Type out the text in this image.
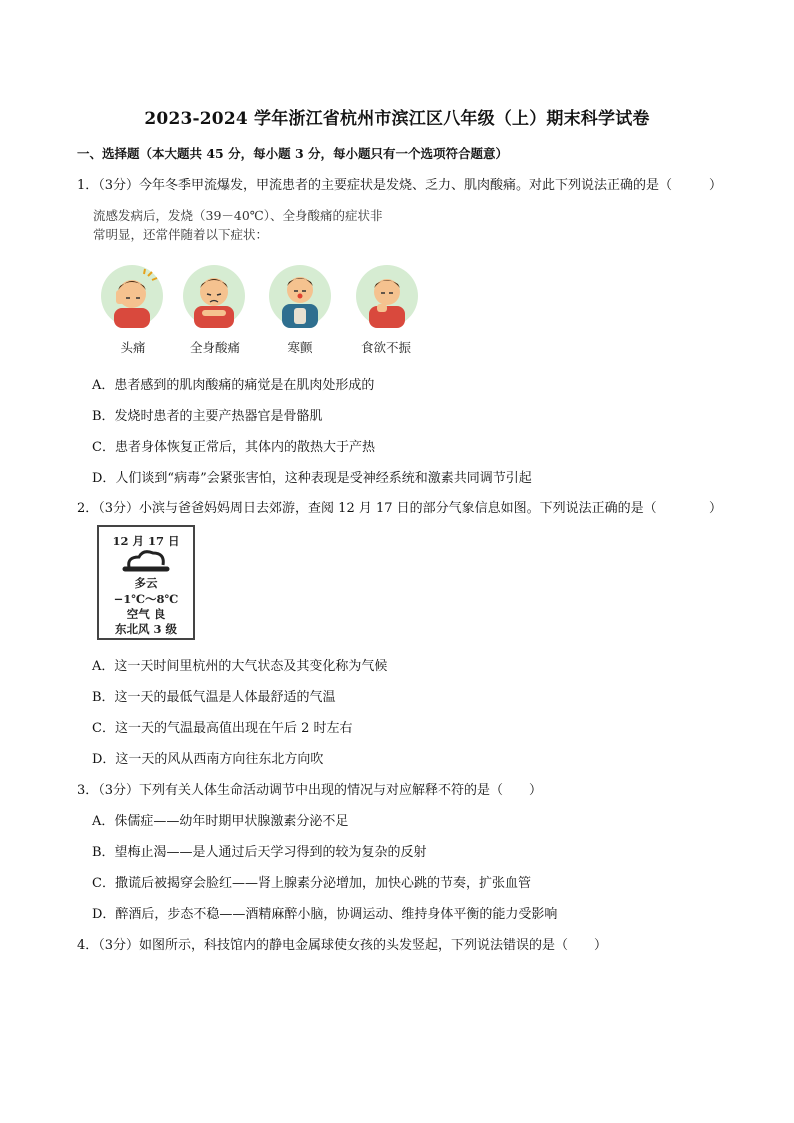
2023-2024 学年浙江省杭州市滨江区八年级（上）期末科学试卷
一、选择题（本大题共 45 分，每小题 3 分，每小题只有一个选项符合题意）
1．（3分）今年冬季甲流爆发，甲流患者的主要症状是发烧、乏力、肌肉酸痛。对此下列说法正确的是（	）
流感发病后，发烧（39－40℃）、全身酸痛的症状非
常明显，还常伴随着以下症状：
头痛	全身酸痛	寒颤	食欲不振
A．患者感到的肌肉酸痛的痛觉是在肌肉处形成的
B．发烧时患者的主要产热器官是骨骼肌
C．患者身体恢复正常后，其体内的散热大于产热
D．人们谈到“病毒”会紧张害怕，这种表现是受神经系统和激素共同调节引起
2．（3分）小滨与爸爸妈妈周日去郊游，查阅 12 月 17 日的部分气象信息如图。下列说法正确的是（	）
12 月 17 日
多云
−1℃～8℃
空气 良
东北风 3 级
A．这一天时间里杭州的大气状态及其变化称为气候
B．这一天的最低气温是人体最舒适的气温
C．这一天的气温最高值出现在午后 2 时左右
D．这一天的风从西南方向往东北方向吹
3．（3分）下列有关人体生命活动调节中出现的情况与对应解释不符的是（　　）
A．侏儒症——幼年时期甲状腺激素分泌不足
B．望梅止渴——是人通过后天学习得到的较为复杂的反射
C．撒谎后被揭穿会脸红——肾上腺素分泌增加，加快心跳的节奏，扩张血管
D．醉酒后，步态不稳——酒精麻醉小脑，协调运动、维持身体平衡的能力受影响
4．（3分）如图所示，科技馆内的静电金属球使女孩的头发竖起，下列说法错误的是（　　）
